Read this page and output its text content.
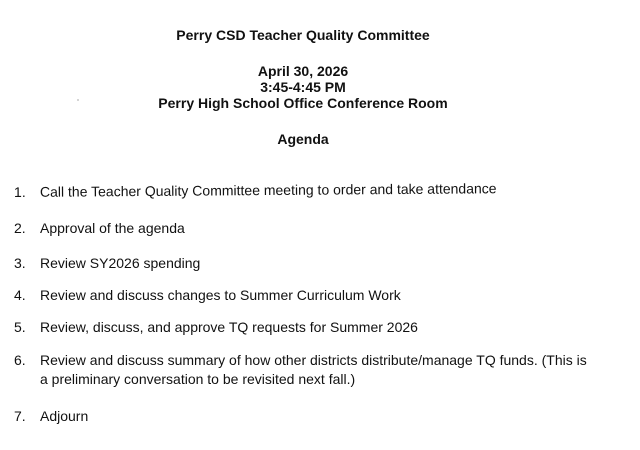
Perry CSD Teacher Quality Committee
April 30, 2026
3:45-4:45 PM
Perry High School Office Conference Room
Agenda
1.	Call the Teacher Quality Committee meeting to order and take attendance
2.	Approval of the agenda
3.	Review SY2026 spending
4.	Review and discuss changes to Summer Curriculum Work
5.	Review, discuss, and approve TQ requests for Summer 2026
6.	Review and discuss summary of how other districts distribute/manage TQ funds. (This is
a preliminary conversation to be revisited next fall.)
7.	Adjourn
